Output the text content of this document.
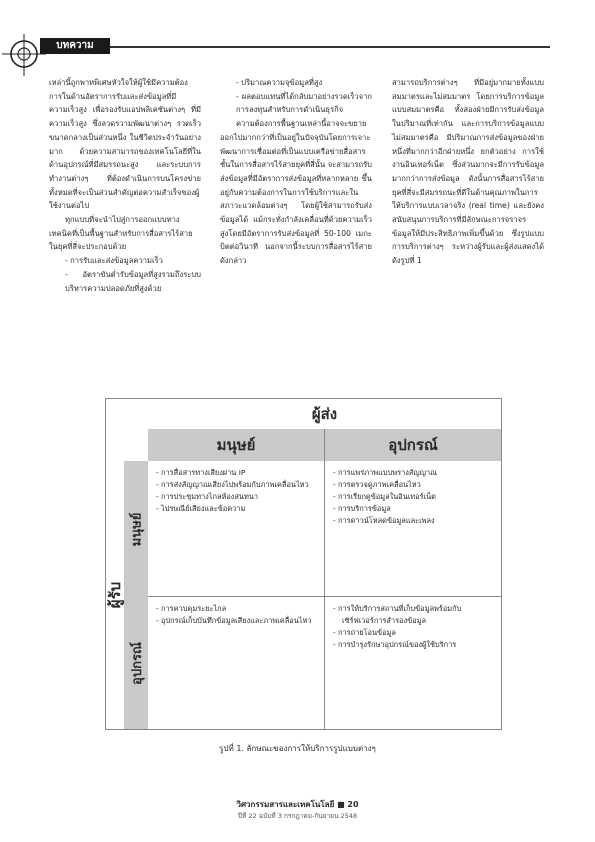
บทความ

เหล่านี้ถูกพาหพิเศษหัวใจให้ผู้ใช้มีความต้อง

การในด้านอัตราการรับและส่งข้อมูลที่มีความเร็วสูง เพื่อรองรับแอปพลิเคชันต่างๆ ที่มีความเร็วสูง ซึ่งลวดรวามพัฒนาต่างๆ รวดเร็วขนาดกลางเป็นส่วนหนึ่ง ในชีวิตประจำวันอย่างมาก ด้วยความสามารถของเทคโนโลยีที่ในด้านอุปกรณ์ที่มีสมรรถนะสูง และระบบการทำงานต่างๆ ที่ต้องดำเนินการบนโครงข่ายทั้งหมดที่จะเป็นส่วนสำคัญต่อความสำเร็จของผู้ใช้งานต่อไป

ทุกแบบที่จะนำไปสู่การออกแบบทางเทคนิคที่เป็นพื้นฐานสำหรับการสื่อสารไร้สายในยุคที่สี่จะประกอบด้วย

- การรับและส่งข้อมูลความเร็ว

- อัตราขันต่ำรับข้อมูลที่สูงรวมถึงระบบบริหารความปลอดภัยที่สูงด้วย

- ปริมาณความจุข้อมูลที่สูง

- ผลตอบแทนที่ได้กลับมาอย่างรวดเร็วจากการลงทุนสำหรับการดำเนินธุรกิจ

ความต้องการพื้นฐานเหล่านี้อาจจะขยายออกไปมากกว่าที่เป็นอยู่ในปัจจุบันโดยการเจาะพัฒนาการเชื่อมต่อที่เป็นแบบเครือข่ายสื่อสารชั้นในการสื่อสารไร้สายยุคที่สี่นั้น จะสามารถรับส่งข้อมูลที่มีอัตราการส่งข้อมูลที่หลากหลาย ขึ้นอยู่กับความต้องการในการใช้บริการและในสภาวะแวดล้อมต่างๆ โดยผู้ใช้สามารถรับส่งข้อมูลได้ แม้กระทั่งกำลังเคลื่อนที่ด้วยความเร็วสูงโดยมีอัตราการรับส่งข้อมูลที่ 50-100 เมกะบิตต่อวินาที นอกจากนี้ระบบการสื่อสารไร้สายดังกล่าว

สามารถบริการต่างๆ ที่มีอยู่มากมายทั้งแบบสมมาตรและไม่สมมาตร โดยการบริการข้อมูลแบบสมมาตรคือ ทั้งสองฝ่ายมีการรับส่งข้อมูลในปริมาณที่เท่ากัน และการบริการข้อมูลแบบไม่สมมาตรคือ มีปริมาณการส่งข้อมูลของฝ่ายหนึ่งที่มากกว่าอีกฝ่ายหนึ่ง ยกตัวอย่าง การใช้งานอินเทอร์เน็ต ซึ่งส่วนมากจะมีการรับข้อมูลมากกว่าการส่งข้อมูล ดังนั้นการสื่อสารไร้สายยุคที่สี่จะมีสมรรถนะที่ดีในด้านคุณภาพในการให้บริการแบบเวลาจริง (real time) และยังคงสนับสนุนการบริการที่มีลักษณะการจราจรข้อมูลให้มีประสิทธิภาพเพิ่มขึ้นด้วย ซึ่งรูปแบบการบริการต่างๆ ระหว่างผู้รับและผู้ส่งแสดงได้ดังรูปที่ 1

ผู้ส่ง
มนุษย์	อุปกรณ์
ผู้รับ
มนุษย์
อุปกรณ์
- การสื่อสารทางเสียงผ่าน IP
- การส่งสัญญาณเสียงไปพร้อมกับภาพเคลื่อนไหว
- การประชุมทางไกลห้องสนทนา
- ไปรษณีย์เสียงและข้อความ
- การแพร่ภาพแบบพรางสัญญาณ
- การตรวจดูภาพเคลื่อนไหว
- การเรียกดูข้อมูลในอินเทอร์เน็ต
- การบริการข้อมูล
- การดาวน์โหลดข้อมูลและเพลง
- การควบคุมระยะไกล
- อุปกรณ์เก็บบันทึกข้อมูลเสียงและภาพเคลื่อนไหว
- การให้บริการสถานที่เก็บข้อมูลพร้อมกับเซิร์ฟเวอร์การสำรองข้อมูล
- การถ่ายโอนข้อมูล
- การบำรุงรักษาอุปกรณ์ของผู้ใช้บริการ
รูปที่ 1. ลักษณะของการให้บริการรูปแบบต่างๆ
วิศวกรรมสารและเทคโนโลยี ■ 20
ปีที่ 22 ฉบับที่ 3 กรกฎาคม-กันยายน 2548
